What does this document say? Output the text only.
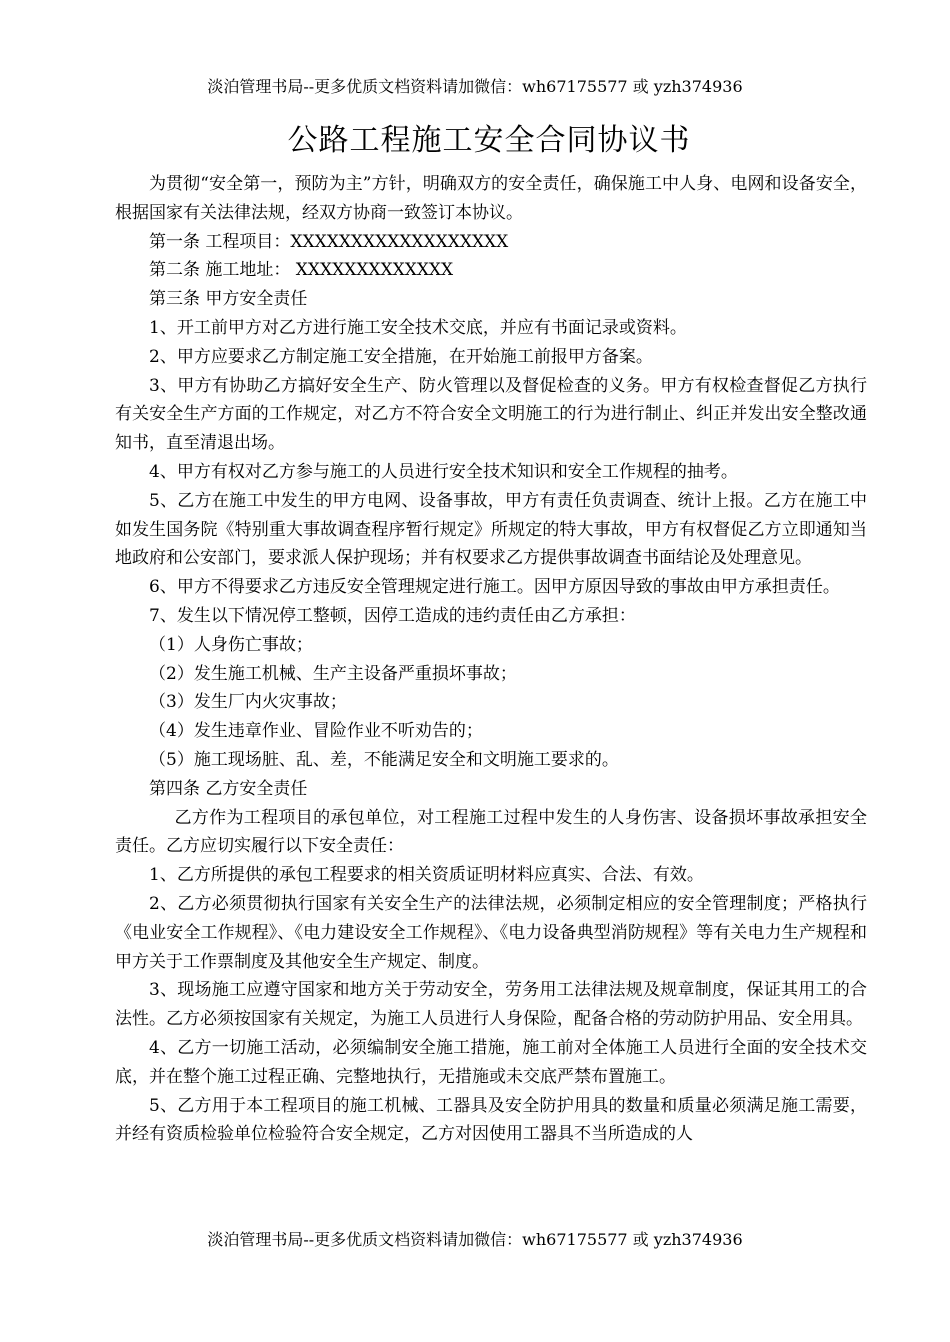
淡泊管理书局--更多优质文档资料请加微信：wh67175577 或 yzh374936
公路工程施工安全合同协议书

为贯彻“安全第一，预防为主”方针，明确双方的安全责任，确保施工中人身、电网和设备安全，根据国家有关法律法规，经双方协商一致签订本协议。

第一条 工程项目：XXXXXXXXXXXXXXXXXX

第二条 施工地址： XXXXXXXXXXXXX

第三条 甲方安全责任

1、开工前甲方对乙方进行施工安全技术交底，并应有书面记录或资料。

2、甲方应要求乙方制定施工安全措施，在开始施工前报甲方备案。

3、甲方有协助乙方搞好安全生产、防火管理以及督促检查的义务。甲方有权检查督促乙方执行有关安全生产方面的工作规定，对乙方不符合安全文明施工的行为进行制止、纠正并发出安全整改通知书，直至清退出场。

4、甲方有权对乙方参与施工的人员进行安全技术知识和安全工作规程的抽考。

5、乙方在施工中发生的甲方电网、设备事故，甲方有责任负责调查、统计上报。乙方在施工中如发生国务院《特别重大事故调查程序暂行规定》所规定的特大事故，甲方有权督促乙方立即通知当地政府和公安部门，要求派人保护现场；并有权要求乙方提供事故调查书面结论及处理意见。

6、甲方不得要求乙方违反安全管理规定进行施工。因甲方原因导致的事故由甲方承担责任。

7、发生以下情况停工整顿，因停工造成的违约责任由乙方承担：

（1）人身伤亡事故；

（2）发生施工机械、生产主设备严重损坏事故；

（3）发生厂内火灾事故；

（4）发生违章作业、冒险作业不听劝告的；

（5）施工现场脏、乱、差，不能满足安全和文明施工要求的。

第四条 乙方安全责任

乙方作为工程项目的承包单位，对工程施工过程中发生的人身伤害、设备损坏事故承担安全责任。乙方应切实履行以下安全责任：

1、乙方所提供的承包工程要求的相关资质证明材料应真实、合法、有效。

2、乙方必须贯彻执行国家有关安全生产的法律法规，必须制定相应的安全管理制度；严格执行《电业安全工作规程》、《电力建设安全工作规程》、《电力设备典型消防规程》等有关电力生产规程和甲方关于工作票制度及其他安全生产规定、制度。

3、现场施工应遵守国家和地方关于劳动安全，劳务用工法律法规及规章制度，保证其用工的合法性。乙方必须按国家有关规定，为施工人员进行人身保险，配备合格的劳动防护用品、安全用具。

4、乙方一切施工活动，必须编制安全施工措施，施工前对全体施工人员进行全面的安全技术交底，并在整个施工过程正确、完整地执行，无措施或未交底严禁布置施工。

5、乙方用于本工程项目的施工机械、工器具及安全防护用具的数量和质量必须满足施工需要，并经有资质检验单位检验符合安全规定，乙方对因使用工器具不当所造成的人

淡泊管理书局--更多优质文档资料请加微信：wh67175577 或 yzh374936
